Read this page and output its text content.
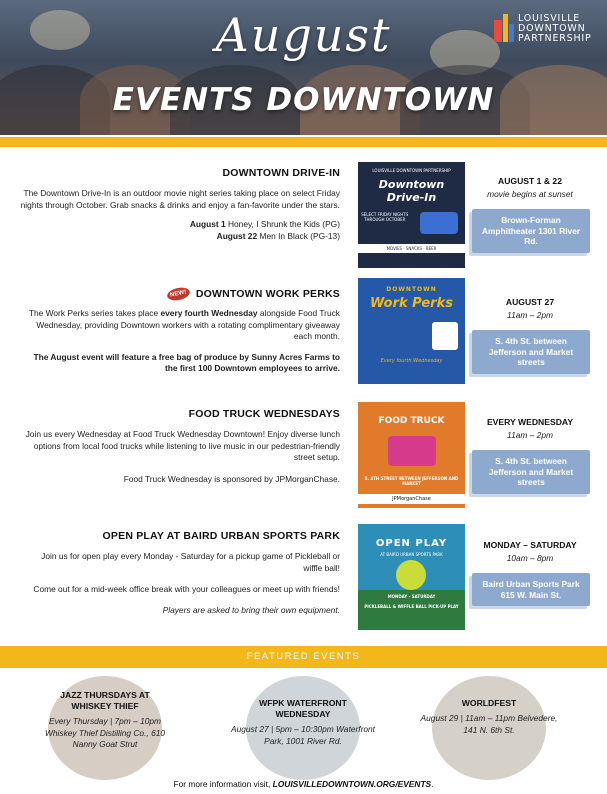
August
EVENTS DOWNTOWN
LOUISVILLE
DOWNTOWN
PARTNERSHIP
DOWNTOWN DRIVE-IN
The Downtown Drive-In is an outdoor movie night series taking place on select Friday nights through October. Grab snacks & drinks and enjoy a fan-favorite under the stars.
August 1 Honey, I Shrunk the Kids (PG)
August 22 Men In Black (PG-13)
LOUISVILLE DOWNTOWN PARTNERSHIP
Downtown
Drive-In
SELECT FRIDAY NIGHTS THROUGH OCTOBER
MOVIES · SNACKS · BEER
AUGUST 1 & 22
movie begins at sunset
Brown-Forman Amphitheater 1301 River Rd.
NEW! DOWNTOWN WORK PERKS
The Work Perks series takes place every fourth Wednesday alongside Food Truck Wednesday, providing Downtown workers with a rotating complimentary giveaway each month.
The August event will feature a free bag of produce by Sunny Acres Farms to the first 100 Downtown employees to arrive.
DOWNTOWN
Work Perks
Every fourth Wednesday
AUGUST 27
11am – 2pm
S. 4th St. between Jefferson and Market streets
FOOD TRUCK WEDNESDAYS
Join us every Wednesday at Food Truck Wednesday Downtown! Enjoy diverse lunch options from local food trucks while listening to live music in our pedestrian-friendly street setup.
Food Truck Wednesday is sponsored by JPMorganChase.
FOOD TRUCK
S. 4TH STREET BETWEEN JEFFERSON AND MARKET
JPMorganChase
EVERY WEDNESDAY
11am – 2pm
S. 4th St. between Jefferson and Market streets
OPEN PLAY AT BAIRD URBAN SPORTS PARK
Join us for open play every Monday - Saturday for a pickup game of Pickleball or wiffle ball!
Come out for a mid-week office break with your colleagues or meet up with friends!
Players are asked to bring their own equipment.
OPEN PLAY
AT BAIRD URBAN SPORTS PARK
MONDAY - SATURDAY
PICKLEBALL & WIFFLE BALL PICK-UP PLAY
MONDAY – SATURDAY
10am – 8pm
Baird Urban Sports Park 615 W. Main St.
FEATURED EVENTS
JAZZ THURSDAYS AT WHISKEY THIEF
Every Thursday | 7pm – 10pm Whiskey Thief Distilling Co., 610 Nanny Goat Strut
WFPK WATERFRONT WEDNESDAY
August 27 | 5pm – 10:30pm Waterfront Park, 1001 River Rd.
WORLDFEST
August 29 | 11am – 11pm Belvedere, 141 N. 6th St.
For more information visit, LOUISVILLEDOWNTOWN.ORG/EVENTS.
